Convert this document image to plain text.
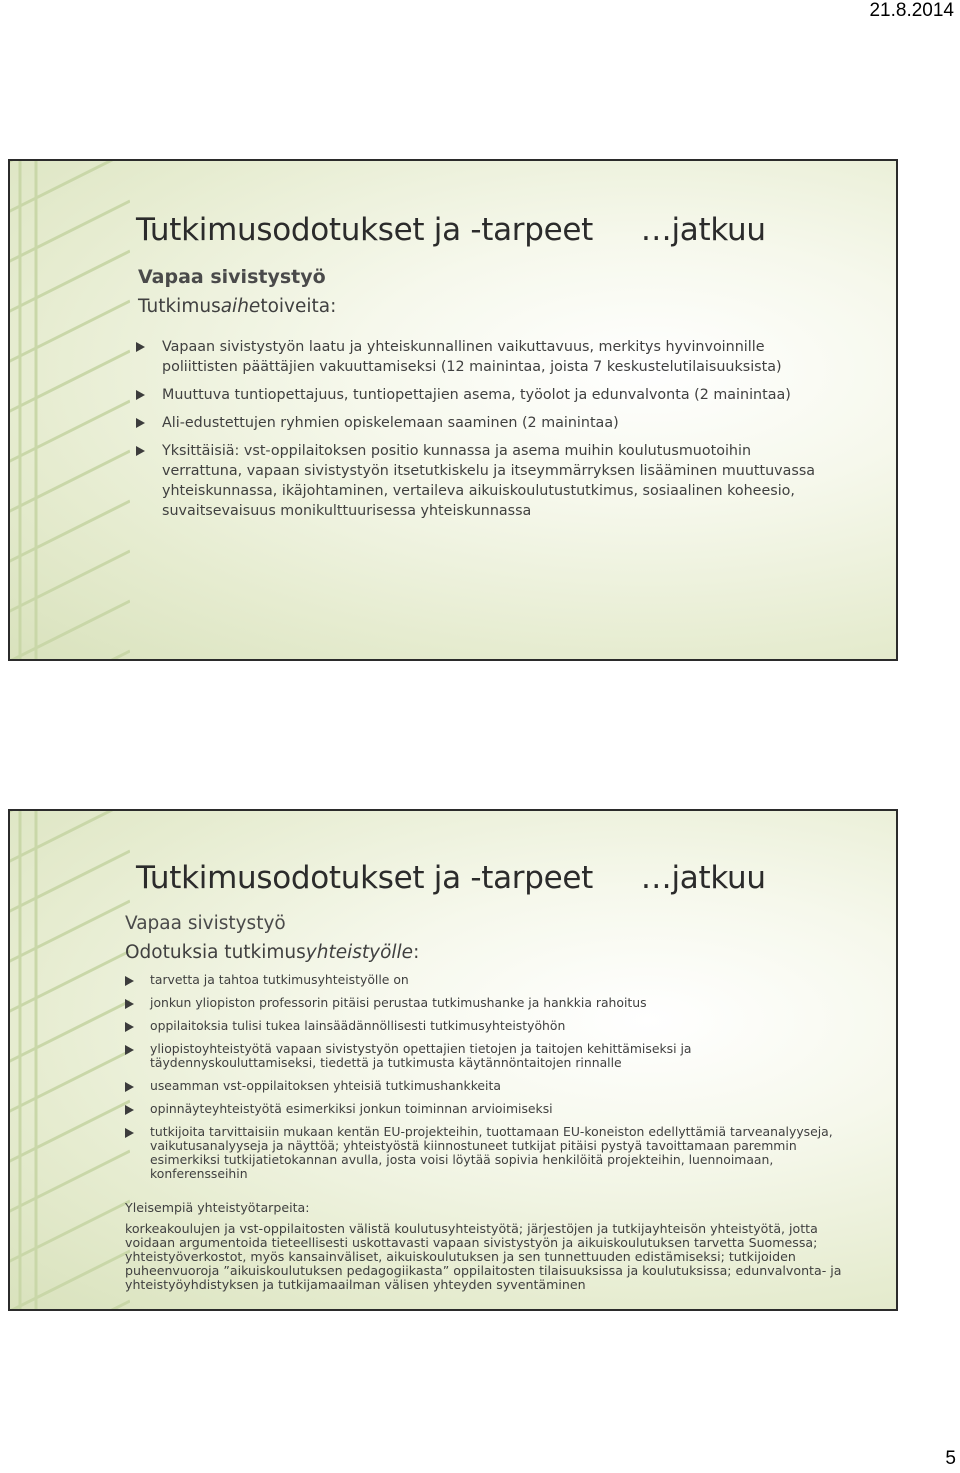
21.8.2014
Tutkimusodotukset ja -tarpeet     …jatkuu
Vapaa sivistystyö
Tutkimusaihetoiveita:
Vapaan sivistystyön laatu ja yhteiskunnallinen vaikuttavuus, merkitys hyvinvoinnille poliittisten päättäjien vakuuttamiseksi (12 mainintaa, joista 7 keskustelutilaisuuksista)
Muuttuva tuntiopettajuus, tuntiopettajien asema, työolot ja edunvalvonta (2 mainintaa)
Ali-edustettujen ryhmien opiskelemaan saaminen (2 mainintaa)
Yksittäisiä: vst-oppilaitoksen positio kunnassa ja asema muihin koulutusmuotoihin verrattuna, vapaan sivistystyön itsetutkiskelu ja itseymmärryksen lisääminen muuttuvassa yhteiskunnassa, ikäjohtaminen, vertaileva aikuiskoulutustutkimus, sosiaalinen koheesio, suvaitsevaisuus monikulttuurisessa yhteiskunnassa
Tutkimusodotukset ja -tarpeet     …jatkuu
Vapaa sivistystyö
Odotuksia tutkimusyhteistyölle:
tarvetta ja tahtoa tutkimusyhteistyölle on
jonkun yliopiston professorin pitäisi perustaa tutkimushanke ja hankkia rahoitus
oppilaitoksia tulisi tukea lainsäädännöllisesti tutkimusyhteistyöhön
yliopistoyhteistyötä vapaan sivistystyön opettajien tietojen ja taitojen kehittämiseksi ja täydennyskouluttamiseksi, tiedettä ja tutkimusta käytännöntaitojen rinnalle
useamman vst-oppilaitoksen yhteisiä tutkimushankkeita
opinnäyteyhteistyötä esimerkiksi jonkun toiminnan arvioimiseksi
tutkijoita tarvittaisiin mukaan kentän EU-projekteihin, tuottamaan EU-koneiston edellyttämiä tarveanalyyseja, vaikutusanalyyseja ja näyttöä; yhteistyöstä kiinnostuneet tutkijat pitäisi pystyä tavoittamaan paremmin esimerkiksi tutkijatietokannan avulla, josta voisi löytää sopivia henkilöitä projekteihin, luennoimaan, konferensseihin
Yleisempiä yhteistyötarpeita:
korkeakoulujen ja vst-oppilaitosten välistä koulutusyhteistyötä; järjestöjen ja tutkijayhteisön yhteistyötä, jotta voidaan argumentoida tieteellisesti uskottavasti vapaan sivistystyön ja aikuiskoulutuksen tarvetta Suomessa; yhteistyöverkostot, myös kansainväliset, aikuiskoulutuksen ja sen tunnettuuden edistämiseksi; tutkijoiden puheenvuoroja ”aikuiskoulutuksen pedagogiikasta” oppilaitosten tilaisuuksissa ja koulutuksissa; edunvalvonta- ja yhteistyöyhdistyksen ja tutkijamaailman välisen yhteyden syventäminen
5
